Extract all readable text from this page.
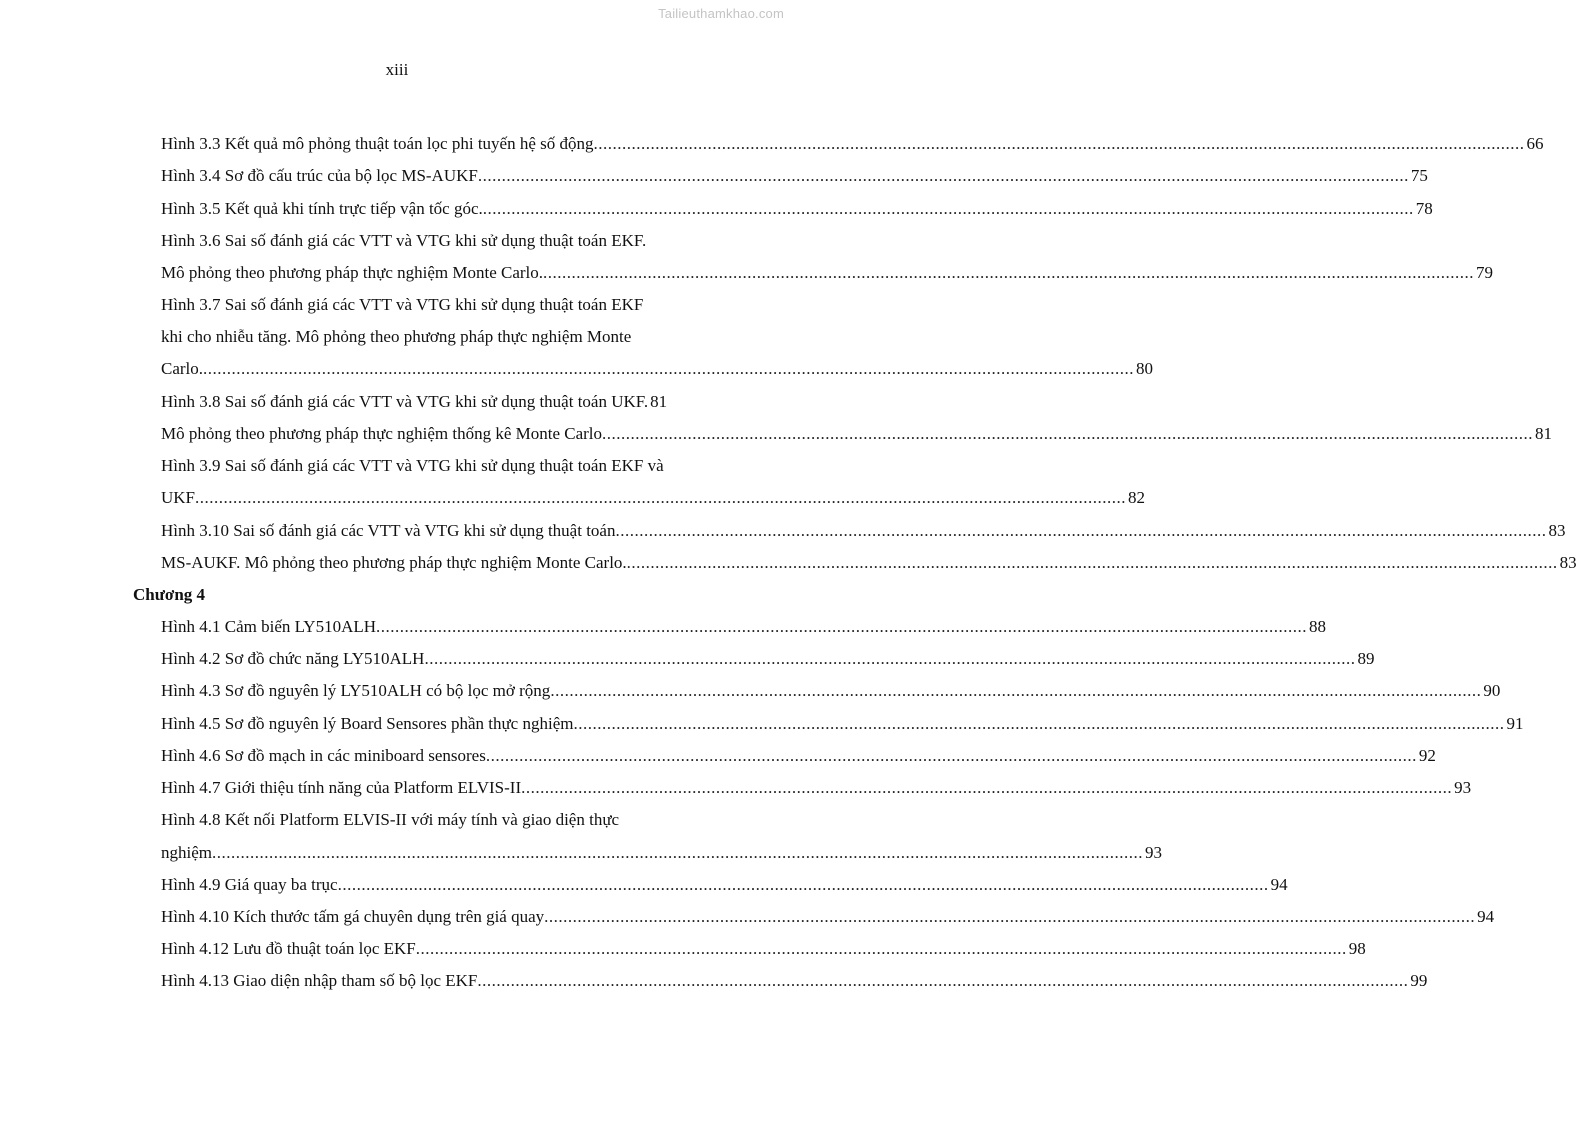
Tailieuthamkhao.com
xiii
Hình 3.3 Kết quả mô phỏng thuật toán lọc phi tuyến hệ số động .................................................................................................................................................................................................... 66
Hình 3.4 Sơ đồ cấu trúc của bộ lọc MS-AUKF .................................................................................................................................................................................................... 75
Hình 3.5 Kết quả khi tính trực tiếp vận tốc góc. .................................................................................................................................................................................................... 78
Hình 3.6 Sai số đánh giá các VTT và VTG khi sử dụng thuật toán EKF.
Mô phỏng theo phương pháp thực nghiệm Monte Carlo. .................................................................................................................................................................................................... 79
Hình 3.7 Sai số đánh giá các VTT và VTG khi sử dụng thuật toán EKF
khi cho nhiễu tăng. Mô phỏng theo phương pháp thực nghiệm Monte
Carlo. .................................................................................................................................................................................................... 80
Hình 3.8 Sai số đánh giá các VTT và VTG khi sử dụng thuật toán UKF. 81
Mô phỏng theo phương pháp thực nghiệm thống kê Monte Carlo .................................................................................................................................................................................................... 81
Hình 3.9 Sai số đánh giá các VTT và VTG khi sử dụng thuật toán EKF và
UKF .................................................................................................................................................................................................... 82
Hình 3.10 Sai số đánh giá các VTT và VTG khi sử dụng thuật toán .................................................................................................................................................................................................... 83
MS-AUKF. Mô phỏng theo phương pháp thực nghiệm Monte Carlo. .................................................................................................................................................................................................... 83
Chương 4
Hình 4.1 Cảm biến LY510ALH .................................................................................................................................................................................................... 88
Hình 4.2 Sơ đồ chức năng LY510ALH .................................................................................................................................................................................................... 89
Hình 4.3 Sơ đồ nguyên lý LY510ALH có bộ lọc mở rộng .................................................................................................................................................................................................... 90
Hình 4.5 Sơ đồ nguyên lý Board Sensores phần thực nghiệm .................................................................................................................................................................................................... 91
Hình 4.6 Sơ đồ mạch in các miniboard sensores .................................................................................................................................................................................................... 92
Hình 4.7 Giới thiệu tính năng của Platform ELVIS-II .................................................................................................................................................................................................... 93
Hình 4.8 Kết nối Platform ELVIS-II với máy tính và giao diện thực
nghiệm .................................................................................................................................................................................................... 93
Hình 4.9 Giá quay ba trục .................................................................................................................................................................................................... 94
Hình 4.10 Kích thước tấm gá chuyên dụng trên giá quay .................................................................................................................................................................................................... 94
Hình 4.12 Lưu đồ thuật toán lọc EKF .................................................................................................................................................................................................... 98
Hình 4.13 Giao diện nhập tham số bộ lọc EKF .................................................................................................................................................................................................... 99
